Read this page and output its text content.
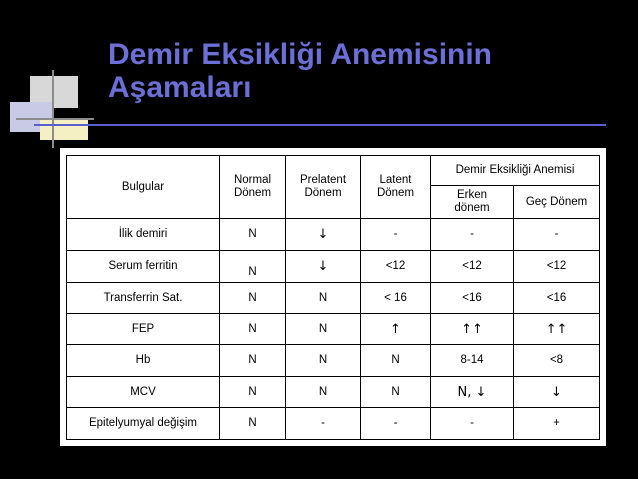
Demir Eksikliği Anemisinin
Aşamaları
Bulgular	Normal Dönem	Prelatent Dönem	Latent Dönem	Demir Eksikliği Anemisi	
				Erken dönem	Geç Dönem
İlik demiri	N	↓	-	-	-
Serum ferritin	N	↓	<12	<12	<12
Transferrin Sat.	N	N	< 16	<16	<16
FEP	N	N	↑	↑↑	↑↑
Hb	N	N	N	8-14	<8
MCV	N	N	N	N, ↓	↓
Epitelyumyal değişim	N	-	-	-	+
